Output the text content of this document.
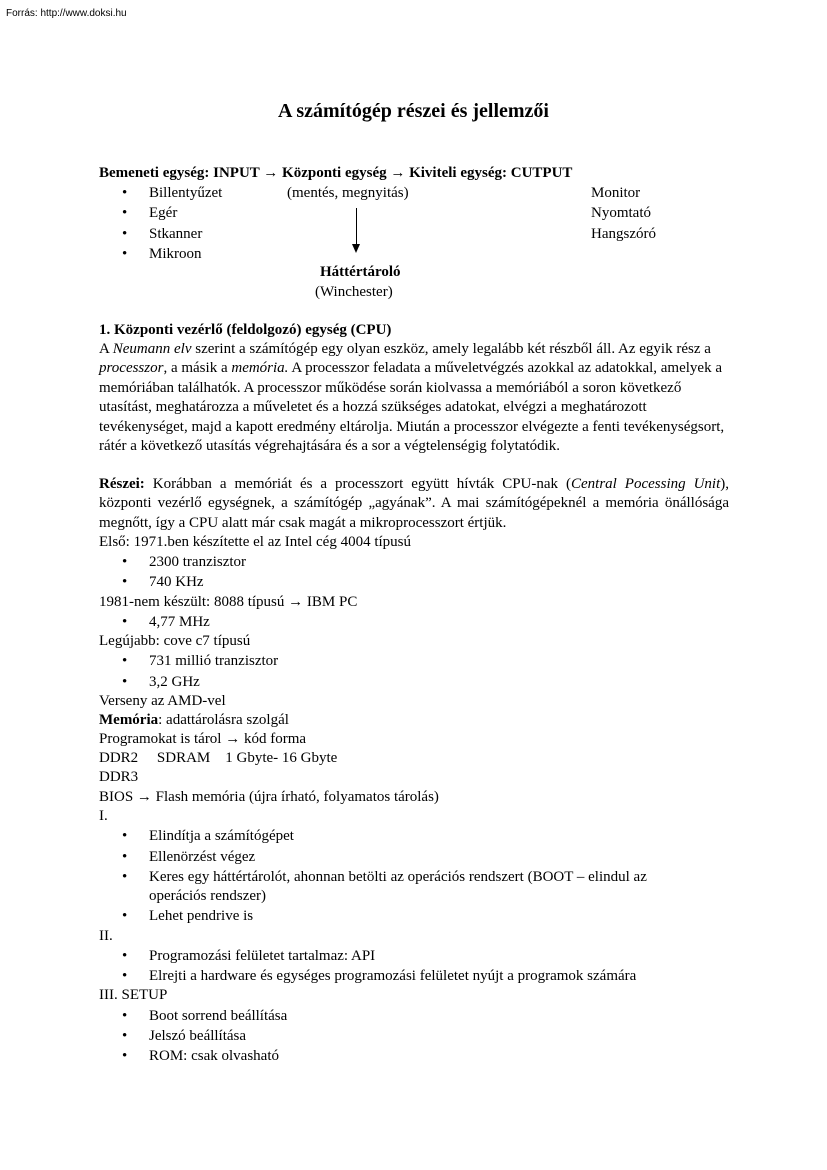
Forrás: http://www.doksi.hu
A számítógép részei és jellemzői
Bemeneti egység: INPUT → Központi egység → Kiviteli egység: CUTPUT
• Billentyűzet
• Egér
• Stkanner
• Mikroon
(mentés, megnyitás)	Monitor
Nyomtató
Hangszóró
Háttértároló
(Winchester)
1. Központi vezérlő (feldolgozó) egység (CPU)
A Neumann elv szerint a számítógép egy olyan eszköz, amely legalább két részből áll. Az egyik rész a processzor, a másik a memória. A processzor feladata a műveletvégzés azokkal az adatokkal, amelyek a memóriában találhatók. A processzor működése során kiolvassa a memóriából a soron következő utasítást, meghatározza a műveletet és a hozzá szükséges adatokat, elvégzi a meghatározott tevékenységet, majd a kapott eredmény eltárolja. Miután a processzor elvégezte a fenti tevékenységsort, rátér a következő utasítás végrehajtására és a sor a végtelenségig folytatódik.
Részei: Korábban a memóriát és a processzort együtt hívták CPU-nak (Central Pocessing Unit), központi vezérlő egységnek, a számítógép „agyának”. A mai számítógépeknél a memória önállósága megnőtt, így a CPU alatt már csak magát a mikroprocesszort értjük.
Első: 1971.ben készítette el az Intel cég 4004 típusú
• 2300 tranzisztor
• 740 KHz
1981-nem készült: 8088 típusú → IBM PC
• 4,77 MHz
Legújabb: cove c7 típusú
• 731 millió tranzisztor
• 3,2 GHz
Verseny az AMD-vel
Memória: adattárolásra szolgál
Programokat is tárol → kód forma
DDR2     SDRAM    1 Gbyte- 16 Gbyte
DDR3
BIOS → Flash memória (újra írható, folyamatos tárolás)
I.
• Elindítja a számítógépet
• Ellenörzést végez
• Keres egy háttértárolót, ahonnan betölti az operációs rendszert (BOOT – elindul az
operációs rendszer)
• Lehet pendrive is
II.
• Programozási felületet tartalmaz: API
• Elrejti a hardware és egységes programozási felületet nyújt a programok számára
III. SETUP
• Boot sorrend beállítása
• Jelszó beállítása
• ROM: csak olvasható
